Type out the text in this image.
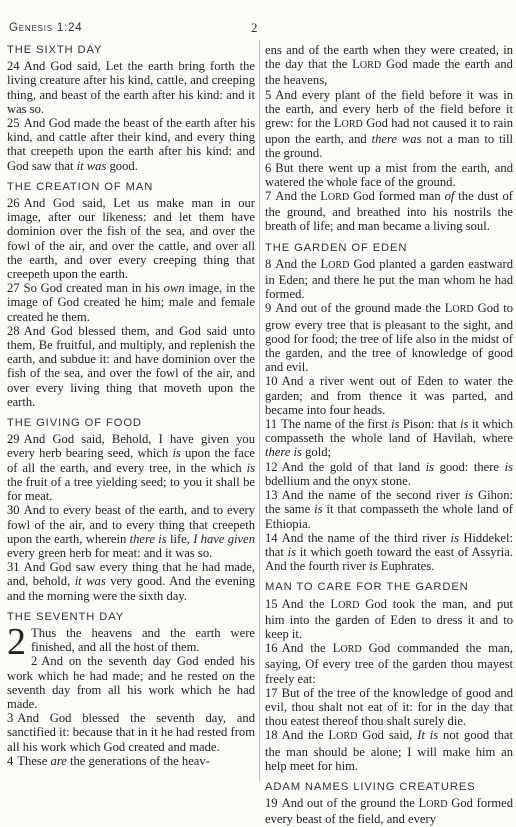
Genesis 1:24	2
THE SIXTH DAY

24 And God said, Let the earth bring forth the living creature after his kind, cattle, and creeping thing, and beast of the earth after his kind: and it was so.

25 And God made the beast of the earth after his kind, and cattle after their kind, and every thing that creepeth upon the earth after his kind: and God saw that it was good.

THE CREATION OF MAN

26 And God said, Let us make man in our image, after our likeness: and let them have dominion over the fish of the sea, and over the fowl of the air, and over the cattle, and over all the earth, and over every creeping thing that creepeth upon the earth.

27 So God created man in his own image, in the image of God created he him; male and female created he them.

28 And God blessed them, and God said unto them, Be fruitful, and multiply, and replenish the earth, and subdue it: and have dominion over the fish of the sea, and over the fowl of the air, and over every living thing that moveth upon the earth.

THE GIVING OF FOOD

29 And God said, Behold, I have given you every herb bearing seed, which is upon the face of all the earth, and every tree, in the which is the fruit of a tree yielding seed; to you it shall be for meat.

30 And to every beast of the earth, and to every fowl of the air, and to every thing that creepeth upon the earth, wherein there is life, I have given every green herb for meat: and it was so.

31 And God saw every thing that he had made, and, behold, it was very good. And the evening and the morning were the sixth day.

THE SEVENTH DAY

2 Thus the heavens and the earth were finished, and all the host of them.

2 And on the seventh day God ended his work which he had made; and he rested on the seventh day from all his work which he had made.

3 And God blessed the seventh day, and sanctified it: because that in it he had rested from all his work which God created and made.

4 These are the generations of the heav-

ens and of the earth when they were created, in the day that the LORD God made the earth and the heavens,

5 And every plant of the field before it was in the earth, and every herb of the field before it grew: for the LORD God had not caused it to rain upon the earth, and there was not a man to till the ground.

6 But there went up a mist from the earth, and watered the whole face of the ground.

7 And the LORD God formed man of the dust of the ground, and breathed into his nostrils the breath of life; and man became a living soul.

THE GARDEN OF EDEN

8 And the LORD God planted a garden eastward in Eden; and there he put the man whom he had formed.

9 And out of the ground made the LORD God to grow every tree that is pleasant to the sight, and good for food; the tree of life also in the midst of the garden, and the tree of knowledge of good and evil.

10 And a river went out of Eden to water the garden; and from thence it was parted, and became into four heads.

11 The name of the first is Pison: that is it which compasseth the whole land of Havilah, where there is gold;

12 And the gold of that land is good: there is bdellium and the onyx stone.

13 And the name of the second river is Gihon: the same is it that compasseth the whole land of Ethiopia.

14 And the name of the third river is Hiddekel: that is it which goeth toward the east of Assyria. And the fourth river is Euphrates.

MAN TO CARE FOR THE GARDEN

15 And the LORD God took the man, and put him into the garden of Eden to dress it and to keep it.

16 And the LORD God commanded the man, saying, Of every tree of the garden thou mayest freely eat:

17 But of the tree of the knowledge of good and evil, thou shalt not eat of it: for in the day that thou eatest thereof thou shalt surely die.

18 And the LORD God said, It is not good that the man should be alone; I will make him an help meet for him.

ADAM NAMES LIVING CREATURES

19 And out of the ground the LORD God formed every beast of the field, and every
